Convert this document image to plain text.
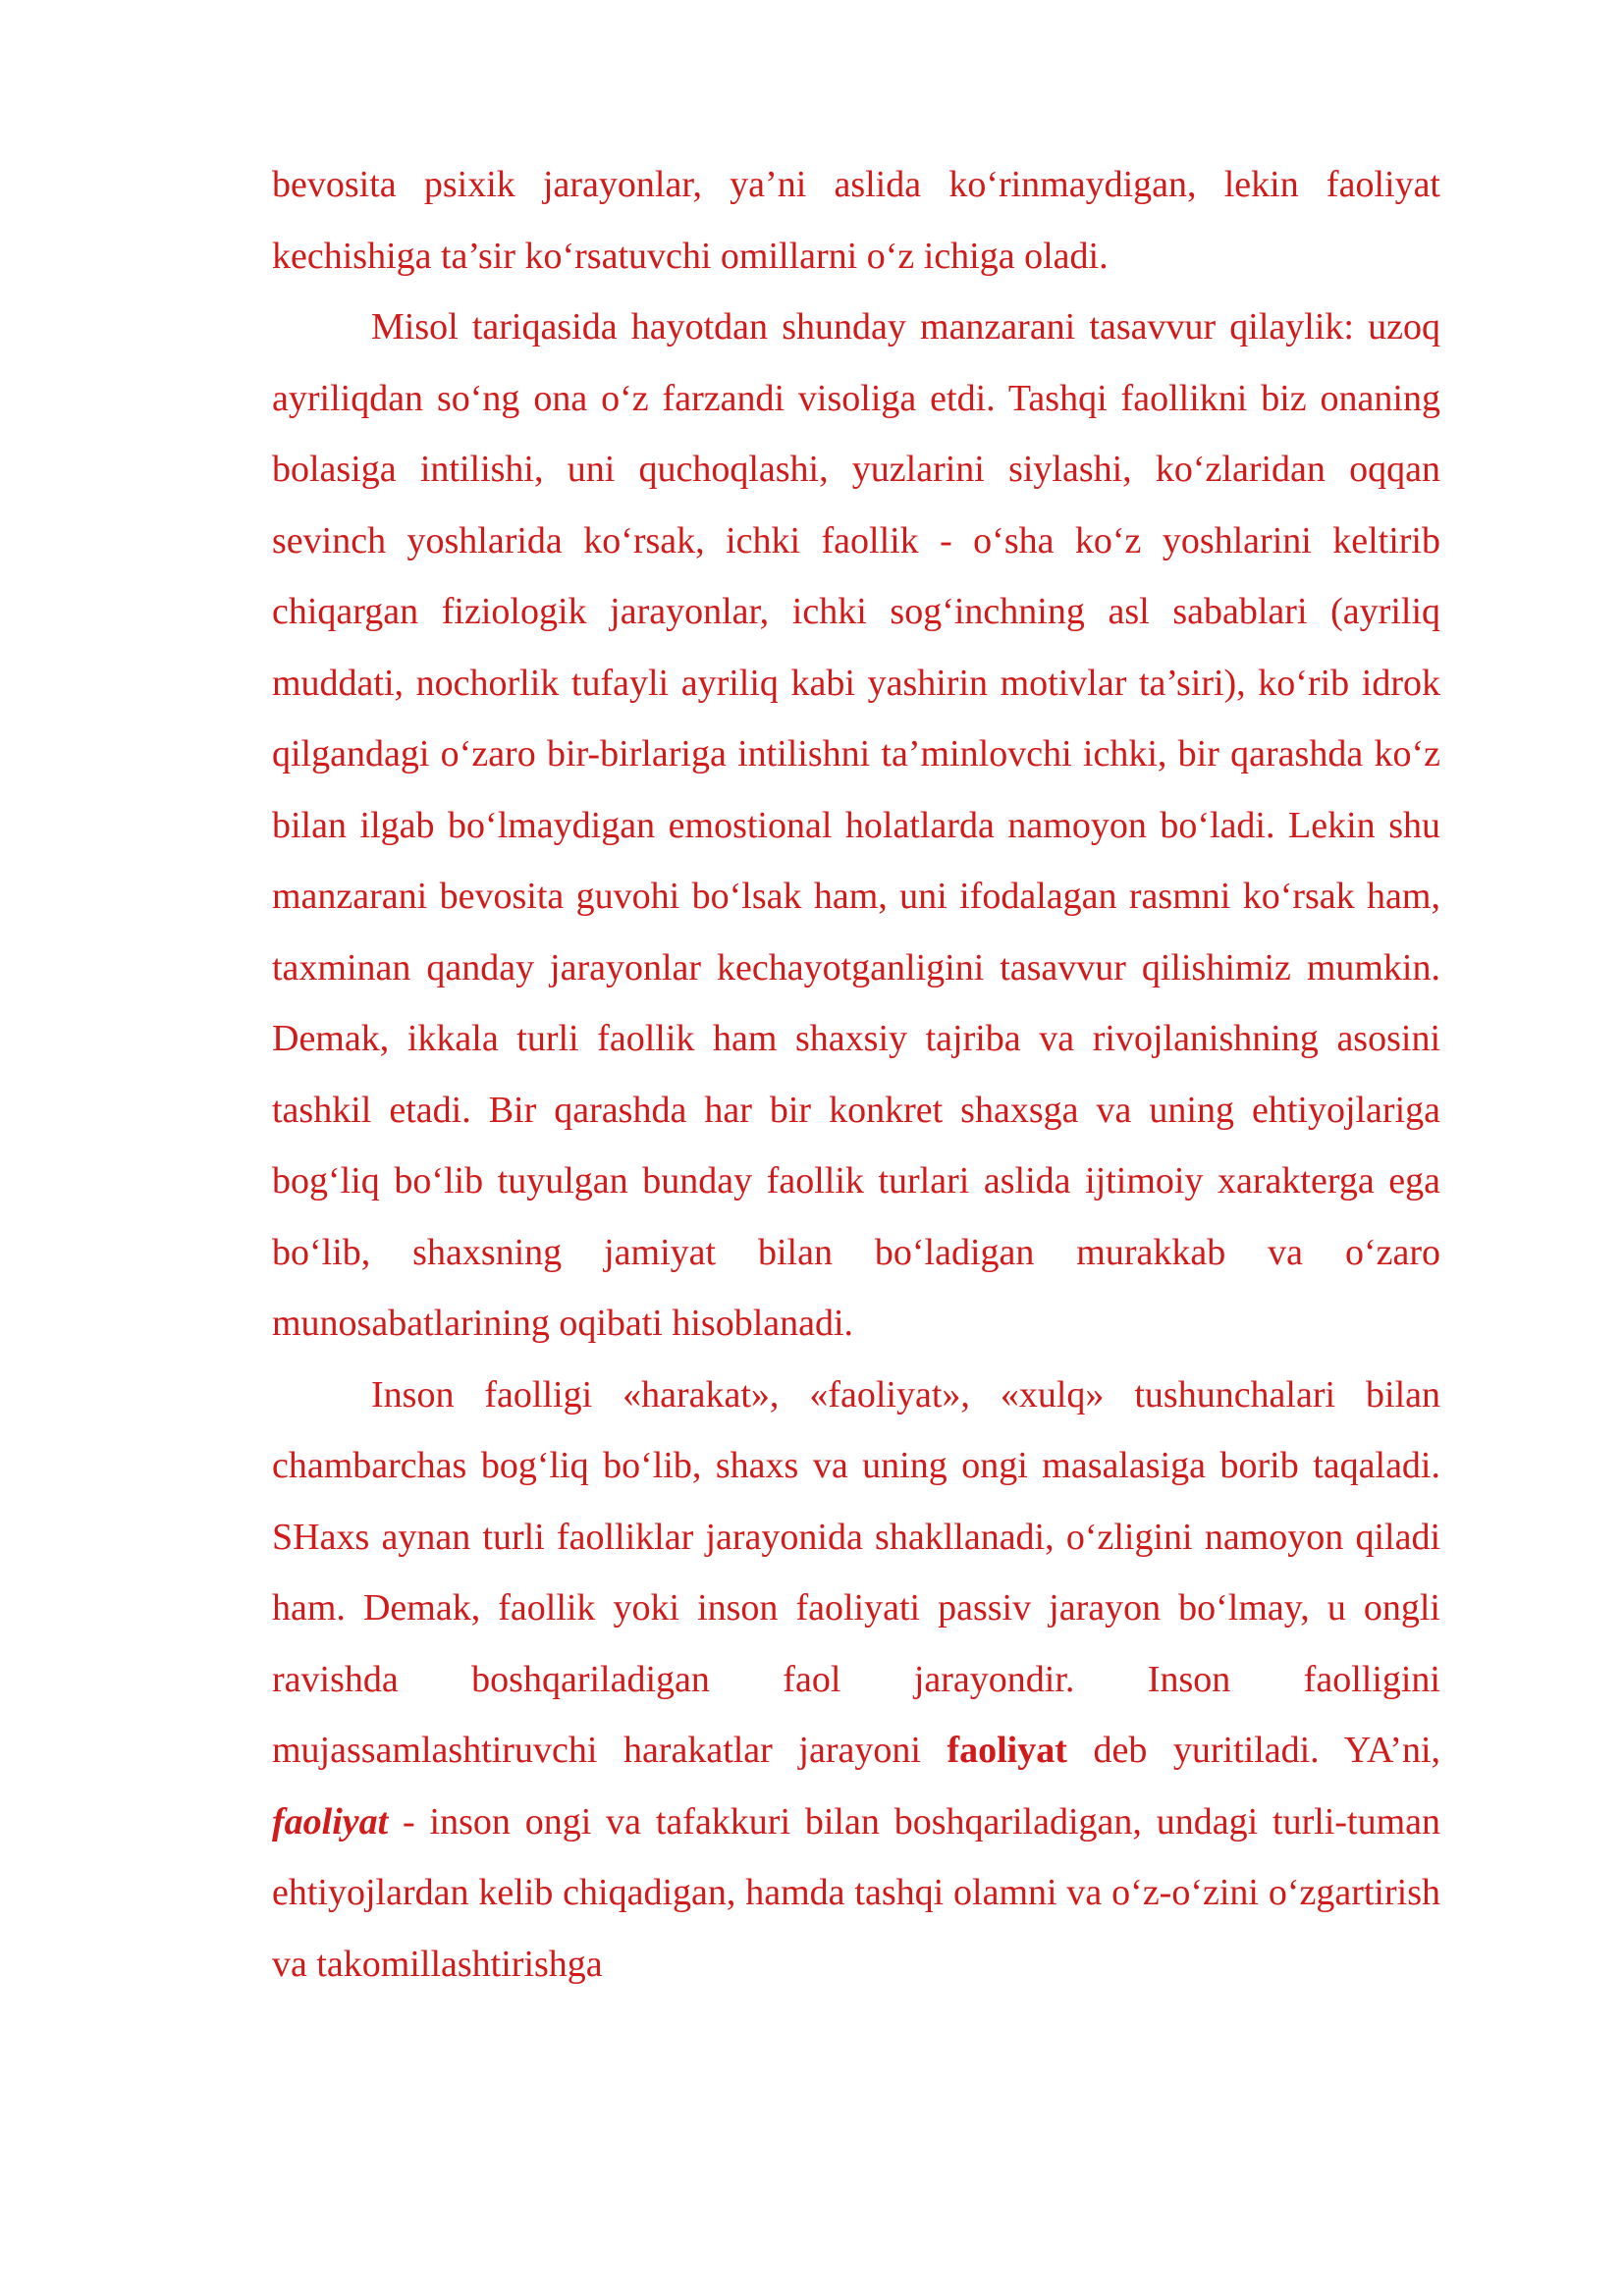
bevosita psixik jarayonlar, ya’ni aslida ko‘rinmaydigan, lekin faoliyat kechishiga ta’sir ko‘rsatuvchi omillarni o‘z ichiga oladi.

Misol tariqasida hayotdan shunday manzarani tasavvur qilaylik: uzoq ayriliqdan so‘ng ona o‘z farzandi visoliga etdi. Tashqi faollikni biz onaning bolasiga intilishi, uni quchoqlashi, yuzlarini siylashi, ko‘zlaridan oqqan sevinch yoshlarida ko‘rsak, ichki faollik - o‘sha ko‘z yoshlarini keltirib chiqargan fiziologik jarayonlar, ichki sog‘inchning asl sabablari (ayriliq muddati, nochorlik tufayli ayriliq kabi yashirin motivlar ta’siri), ko‘rib idrok qilgandagi o‘zaro bir-birlariga intilishni ta’minlovchi ichki, bir qarashda ko‘z bilan ilgab bo‘lmaydigan emostional holatlarda namoyon bo‘ladi. Lekin shu manzarani bevosita guvohi bo‘lsak ham, uni ifodalagan rasmni ko‘rsak ham, taxminan qanday jarayonlar kechayotganligini tasavvur qilishimiz mumkin. Demak, ikkala turli faollik ham shaxsiy tajriba va rivojlanishning asosini tashkil etadi. Bir qarashda har bir konkret shaxsga va uning ehtiyojlariga bog‘liq bo‘lib tuyulgan bunday faollik turlari aslida ijtimoiy xarakterga ega bo‘lib, shaxsning jamiyat bilan bo‘ladigan murakkab va o‘zaro munosabatlarining oqibati hisoblanadi.

Inson faolligi «harakat», «faoliyat», «xulq» tushunchalari bilan chambarchas bog‘liq bo‘lib, shaxs va uning ongi masalasiga borib taqaladi. SHaxs aynan turli faolliklar jarayonida shakllanadi, o‘zligini namoyon qiladi ham. Demak, faollik yoki inson faoliyati passiv jarayon bo‘lmay, u ongli ravishda boshqariladigan faol jarayondir. Inson faolligini mujassamlashtiruvchi harakatlar jarayoni faoliyat deb yuritiladi. YA’ni, faoliyat - inson ongi va tafakkuri bilan boshqariladigan, undagi turli-tuman ehtiyojlardan kelib chiqadigan, hamda tashqi olamni va o‘z-o‘zini o‘zgartirish va takomillashtirishga
